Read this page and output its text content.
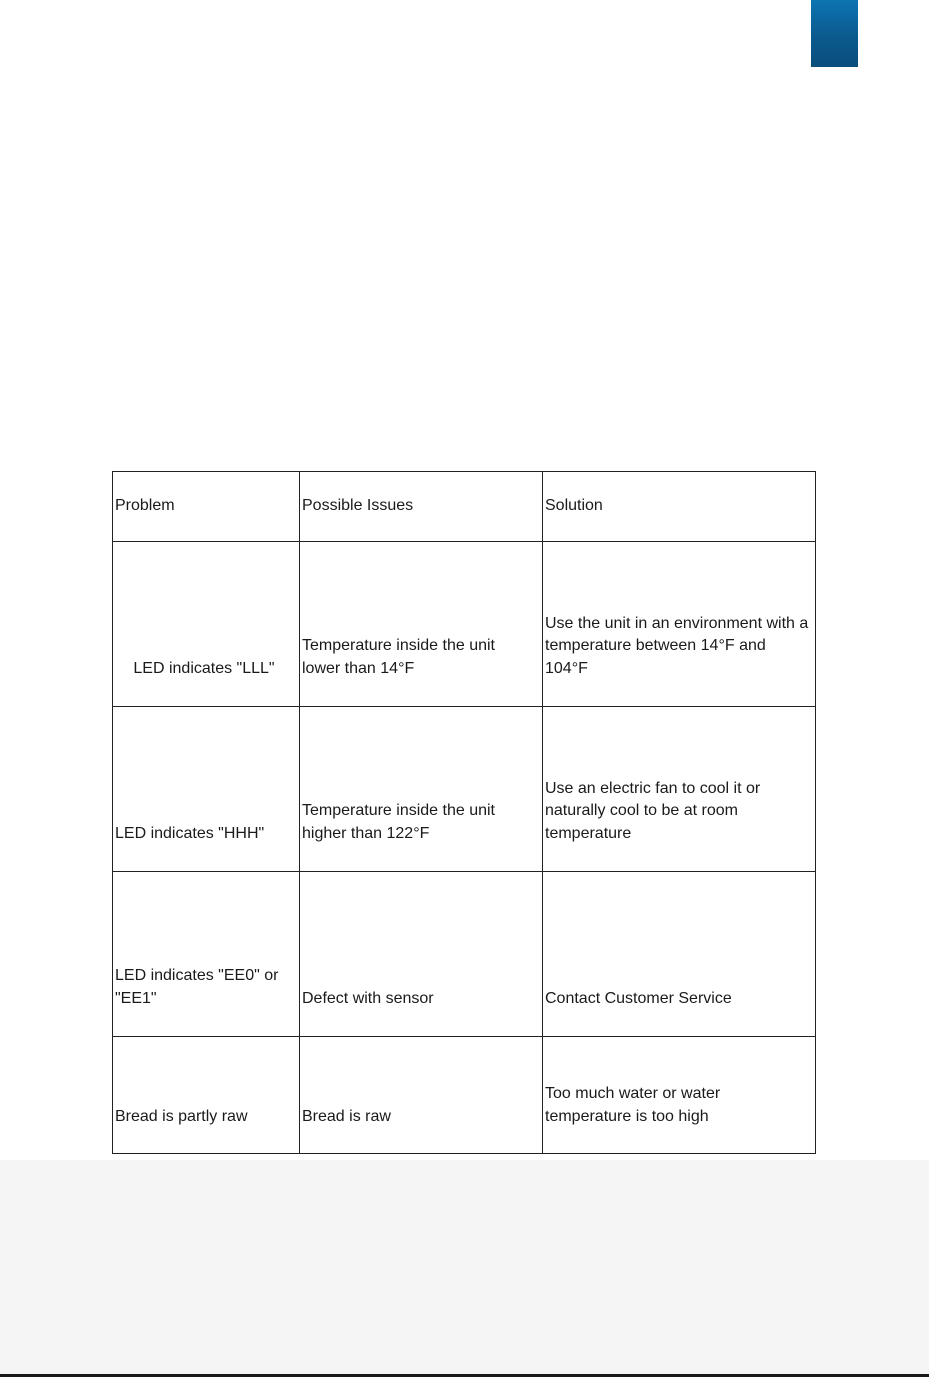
Problem	Possible Issues	Solution
LED indicates "LLL"	Temperature inside the unit lower than 14°F	Use the unit in an environment with a temperature between 14°F and 104°F
LED indicates "HHH"	Temperature inside the unit higher than 122°F	Use an electric fan to cool it or naturally cool to be at room temperature
LED indicates "EE0" or "EE1"	Defect with sensor	Contact Customer Service
Bread is partly raw	Bread is raw	Too much water or water temperature is too high
